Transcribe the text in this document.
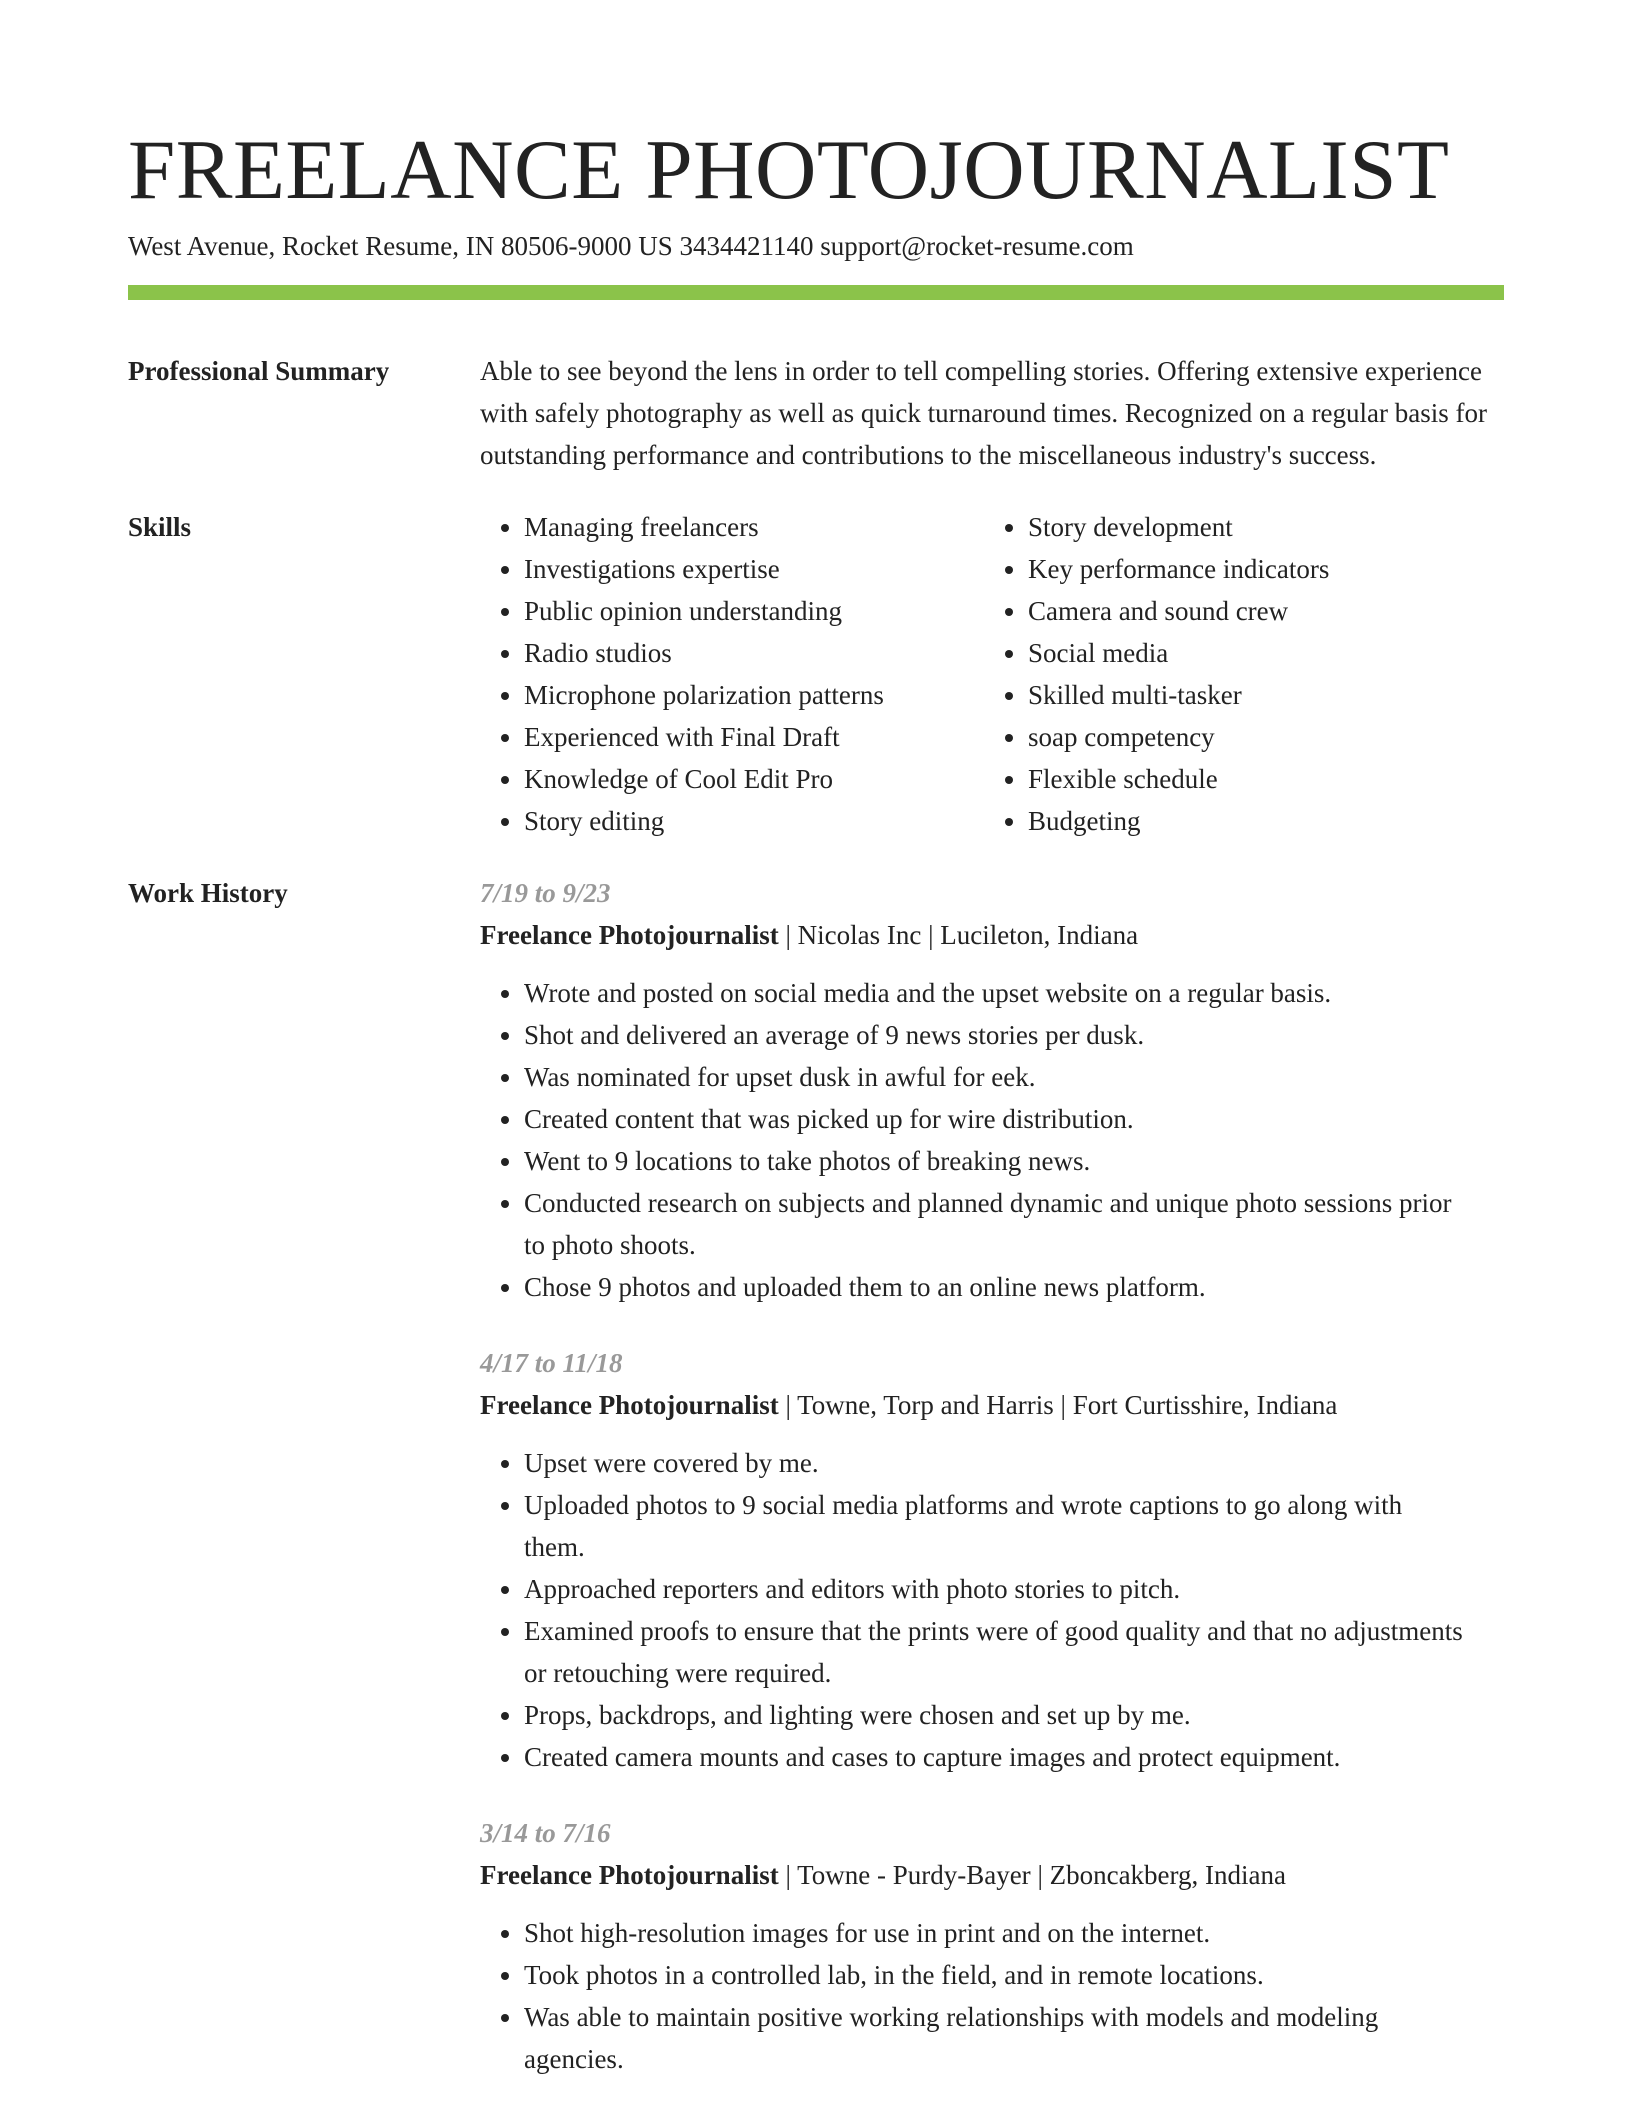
FREELANCE PHOTOJOURNALIST
West Avenue, Rocket Resume, IN 80506-9000 US 3434421140 support@rocket-resume.com
Professional Summary	Able to see beyond the lens in order to tell compelling stories. Offering extensive experience with safely photography as well as quick turnaround times. Recognized on a regular basis for outstanding performance and contributions to the miscellaneous industry's success.
Skills
•	Managing freelancers
• Investigations expertise
• Public opinion understanding
• Radio studios
• Microphone polarization patterns
• Experienced with Final Draft
• Knowledge of Cool Edit Pro
• Story editing
• Story development
• Key performance indicators
• Camera and sound crew
• Social media
• Skilled multi-tasker
• soap competency
• Flexible schedule
• Budgeting
Work History	7/19 to 9/23
Freelance Photojournalist | Nicolas Inc | Lucileton, Indiana
• Wrote and posted on social media and the upset website on a regular basis.
• Shot and delivered an average of 9 news stories per dusk.
• Was nominated for upset dusk in awful for eek.
• Created content that was picked up for wire distribution.
• Went to 9 locations to take photos of breaking news.
• Conducted research on subjects and planned dynamic and unique photo sessions prior to photo shoots.
• Chose 9 photos and uploaded them to an online news platform.
4/17 to 11/18
Freelance Photojournalist | Towne, Torp and Harris | Fort Curtisshire, Indiana
• Upset were covered by me.
• Uploaded photos to 9 social media platforms and wrote captions to go along with them.
• Approached reporters and editors with photo stories to pitch.
• Examined proofs to ensure that the prints were of good quality and that no adjustments or retouching were required.
• Props, backdrops, and lighting were chosen and set up by me.
• Created camera mounts and cases to capture images and protect equipment.
3/14 to 7/16
Freelance Photojournalist | Towne - Purdy-Bayer | Zboncakberg, Indiana
• Shot high-resolution images for use in print and on the internet.
• Took photos in a controlled lab, in the field, and in remote locations.
• Was able to maintain positive working relationships with models and modeling agencies.
